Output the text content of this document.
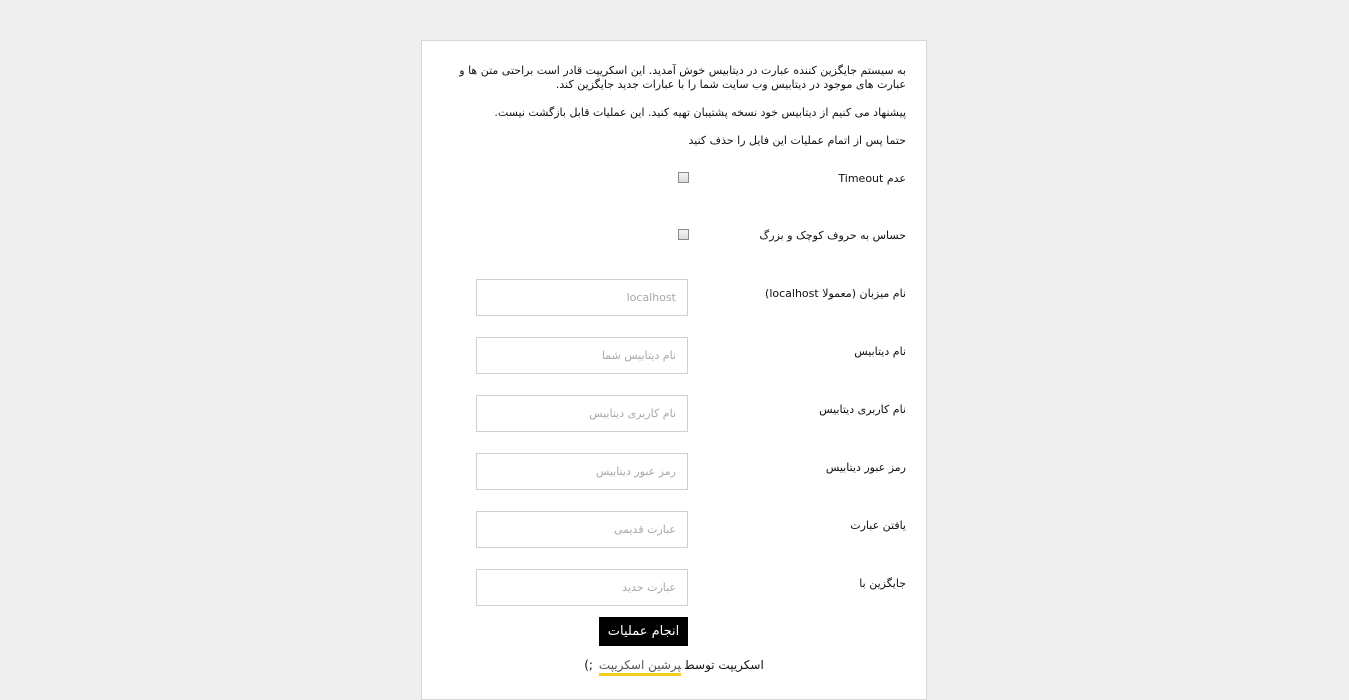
به سیستم جایگزین کننده عبارت در دیتابیس خوش آمدید. این اسکریپت قادر است براحتی متن ها و عبارت های موجود در دیتابیس وب سایت شما را با عبارات جدید جایگزین کند.

پیشنهاد می کنیم از دیتابیس خود نسخه پشتیبان تهیه کنید. این عملیات قابل بازگشت نیست.

حتما پس از اتمام عملیات این فایل را حذف کنید

عدم Timeout
حساس به حروف کوچک و بزرگ
نام میزبان (معمولا localhost)
localhost
نام دیتابیس
نام دیتابیس شما
نام کاربری دیتابیس
نام کاربری دیتابیس
رمز عبور دیتابیس
یافتن عبارت
عبارت قدیمی
جایگزین با
عبارت جدید
انجام عملیات
اسکریپت توسطپرشین اسکریپت;)
